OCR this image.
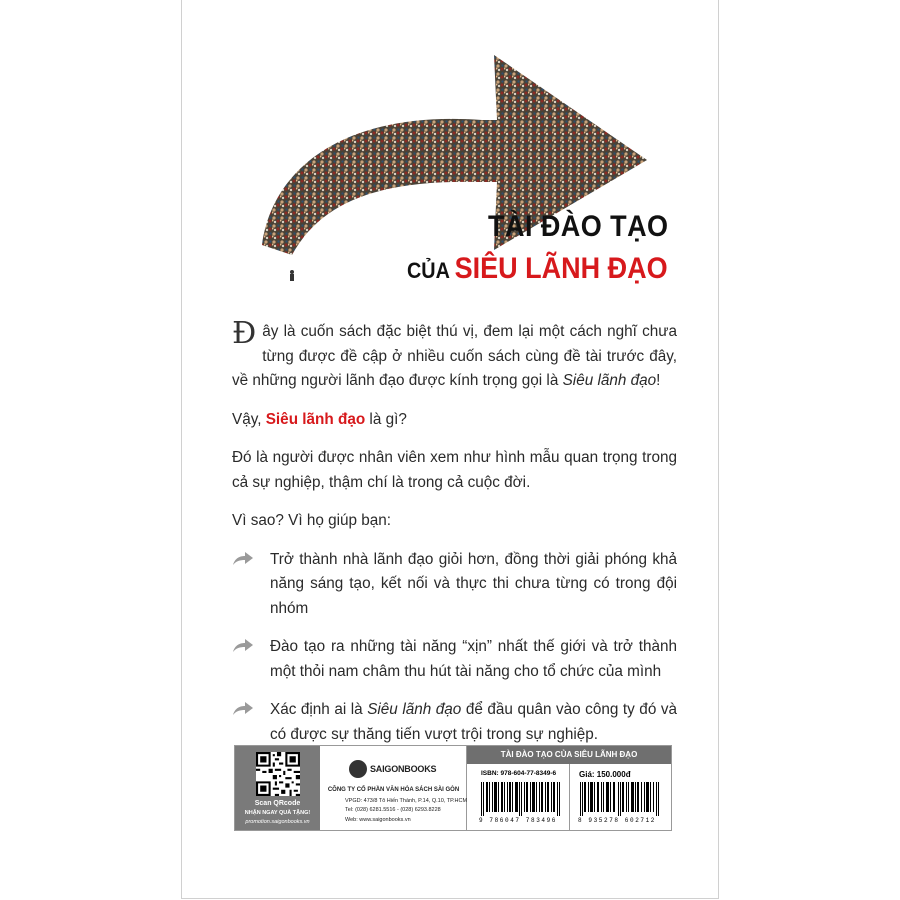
TÀI ĐÀO TẠO
CỦA SIÊU LÃNH ĐẠO

Đây là cuốn sách đặc biệt thú vị, đem lại một cách nghĩ chưa từng được đề cập ở nhiều cuốn sách cùng đề tài trước đây, về những người lãnh đạo được kính trọng gọi là Siêu lãnh đạo!

Vậy, Siêu lãnh đạo là gì?

Đó là người được nhân viên xem như hình mẫu quan trọng trong cả sự nghiệp, thậm chí là trong cả cuộc đời.

Vì sao? Vì họ giúp bạn:

Trở thành nhà lãnh đạo giỏi hơn, đồng thời giải phóng khả năng sáng tạo, kết nối và thực thi chưa từng có trong đội nhóm
Đào tạo ra những tài năng “xịn” nhất thế giới và trở thành một thỏi nam châm thu hút tài năng cho tổ chức của mình
Xác định ai là Siêu lãnh đạo để đầu quân vào công ty đó và có được sự thăng tiến vượt trội trong sự nghiệp.
Scan QRcode
NHẬN NGAY QUÀ TẶNG!
promotion.saigonbooks.vn
SAIGONBOOKS
CÔNG TY CỔ PHẦN VĂN HÓA SÁCH SÀI GÒN
VPGD: 473/8 Tô Hiến Thành, P.14, Q.10, TP.HCM
Tel: (028) 6281.5516 - (028) 6293.8228
Web: www.saigonbooks.vn
TÀI ĐÀO TẠO CỦA SIÊU LÃNH ĐẠO
ISBN: 978-604-77-8349-6	Giá: 150.000đ
9 786047 783496	8 935278 602712
